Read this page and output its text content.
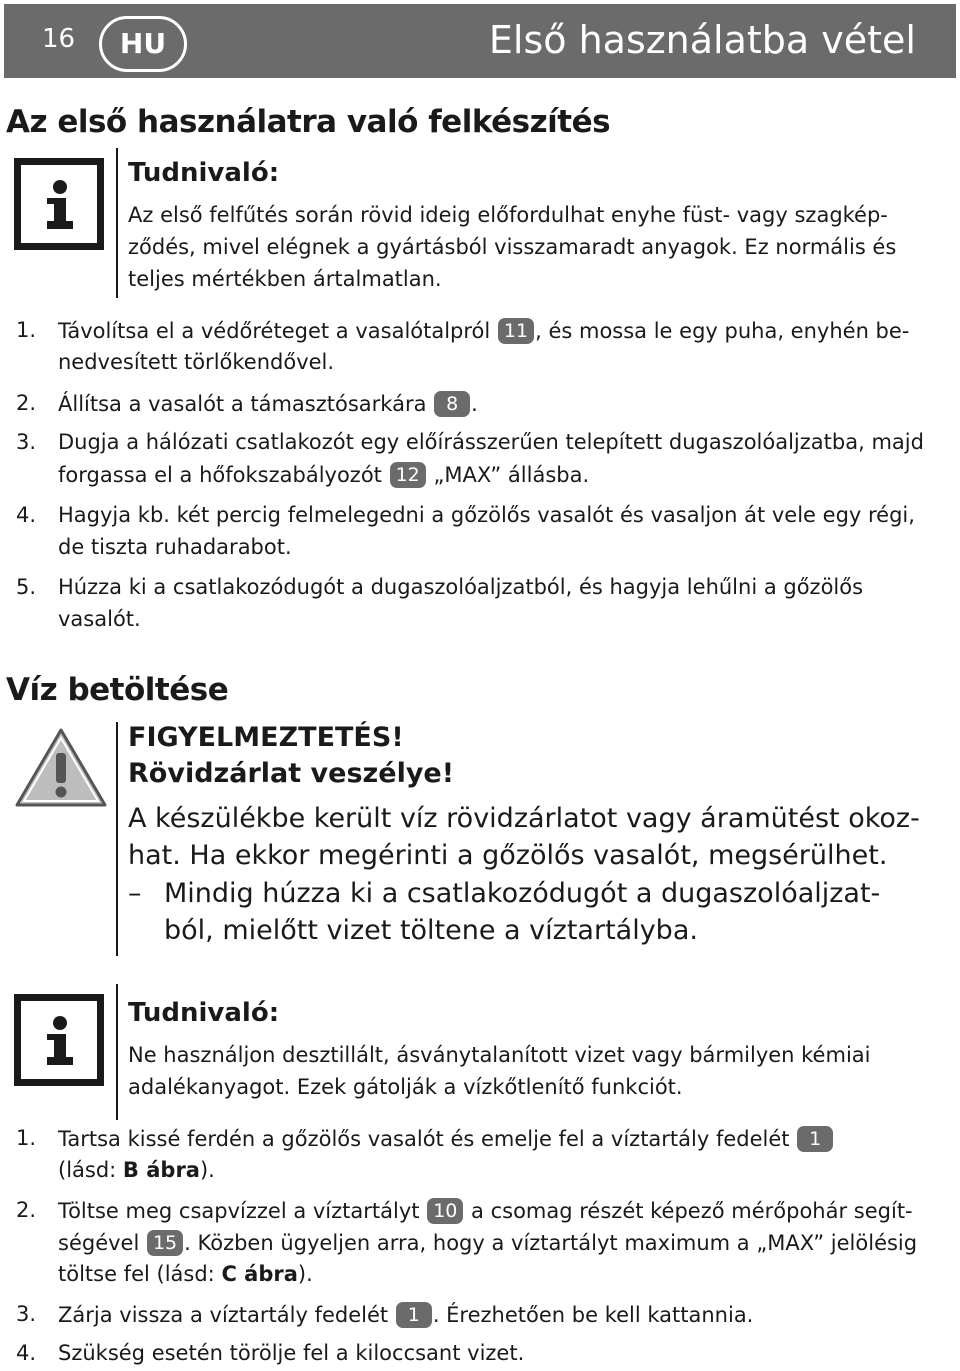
16	HU	Első használatba vétel
Az első használatra való felkészítés
Tudnivaló:
Az első felfűtés során rövid ideig előfordulhat enyhe füst- vagy szagkép-
ződés, mivel elégnek a gyártásból visszamaradt anyagok. Ez normális és
teljes mértékben ártalmatlan.
1. Távolítsa el a védőréteget a vasalótalpról 11 , és mossa le egy puha, enyhén be-
nedvesített törlőkendővel.
2. Állítsa a vasalót a támasztósarkára 8 .
3. Dugja a hálózati csatlakozót egy előírásszerűen telepített dugaszolóaljzatba, majd
forgassa el a hőfokszabályozót 12 „MAX” állásba.
4. Hagyja kb. két percig felmelegedni a gőzölős vasalót és vasaljon át vele egy régi,
de tiszta ruhadarabot.
5. Húzza ki a csatlakozódugót a dugaszolóaljzatból, és hagyja lehűlni a gőzölős
vasalót.
Víz betöltése
FIGYELMEZTETÉS!
Rövidzárlat veszélye!
A készülékbe került víz rövidzárlatot vagy áramütést okoz-
hat. Ha ekkor megérinti a gőzölős vasalót, megsérülhet.
– Mindig húzza ki a csatlakozódugót a dugaszolóaljzat-
ból, mielőtt vizet töltene a víztartályba.
Tudnivaló:
Ne használjon desztillált, ásványtalanított vizet vagy bármilyen kémiai
adalékanyagot. Ezek gátolják a vízkőtlenítő funkciót.
1. Tartsa kissé ferdén a gőzölős vasalót és emelje fel a víztartály fedelét 1
(lásd: B ábra).
2. Töltse meg csapvízzel a víztartályt 10 a csomag részét képező mérőpohár segít-
ségével 15 . Közben ügyeljen arra, hogy a víztartályt maximum a „MAX” jelölésig
töltse fel (lásd: C ábra).
3. Zárja vissza a víztartály fedelét 1 . Érezhetően be kell kattannia.
4. Szükség esetén törölje fel a kiloccsant vizet.
